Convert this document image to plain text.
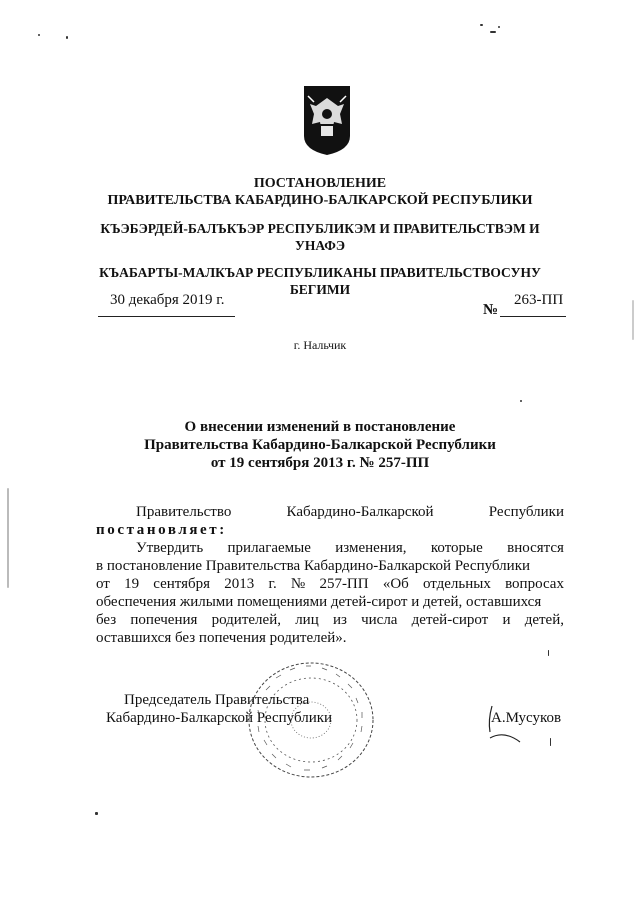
ПОСТАНОВЛЕНИЕ
ПРАВИТЕЛЬСТВА КАБАРДИНО-БАЛКАРСКОЙ РЕСПУБЛИКИ
КЪЭБЭРДЕЙ-БАЛЪКЪЭР РЕСПУБЛИКЭМ И ПРАВИТЕЛЬСТВЭМ И
УНАФЭ
КЪАБАРТЫ-МАЛКЪАР РЕСПУБЛИКАНЫ ПРАВИТЕЛЬСТВОСУНУ
БЕГИМИ
30 декабря 2019 г.
№
263-ПП
г. Нальчик
О внесении изменений в постановление
Правительства Кабардино-Балкарской Республики
от 19 сентября 2013 г. № 257-ПП
Правительство	Кабардино-Балкарской	Республики
постановляет:
Утвердить прилагаемые изменения, которые вносятся
в постановление Правительства Кабардино-Балкарской Республики
от 19 сентября 2013 г. № 257-ПП «Об отдельных вопросах
обеспечения жилыми помещениями детей-сирот и детей, оставшихся
без попечения родителей, лиц из числа детей-сирот и детей,
оставшихся без попечения родителей».
Председатель Правительства
Кабардино-Балкарской Республики	А.Мусуков
